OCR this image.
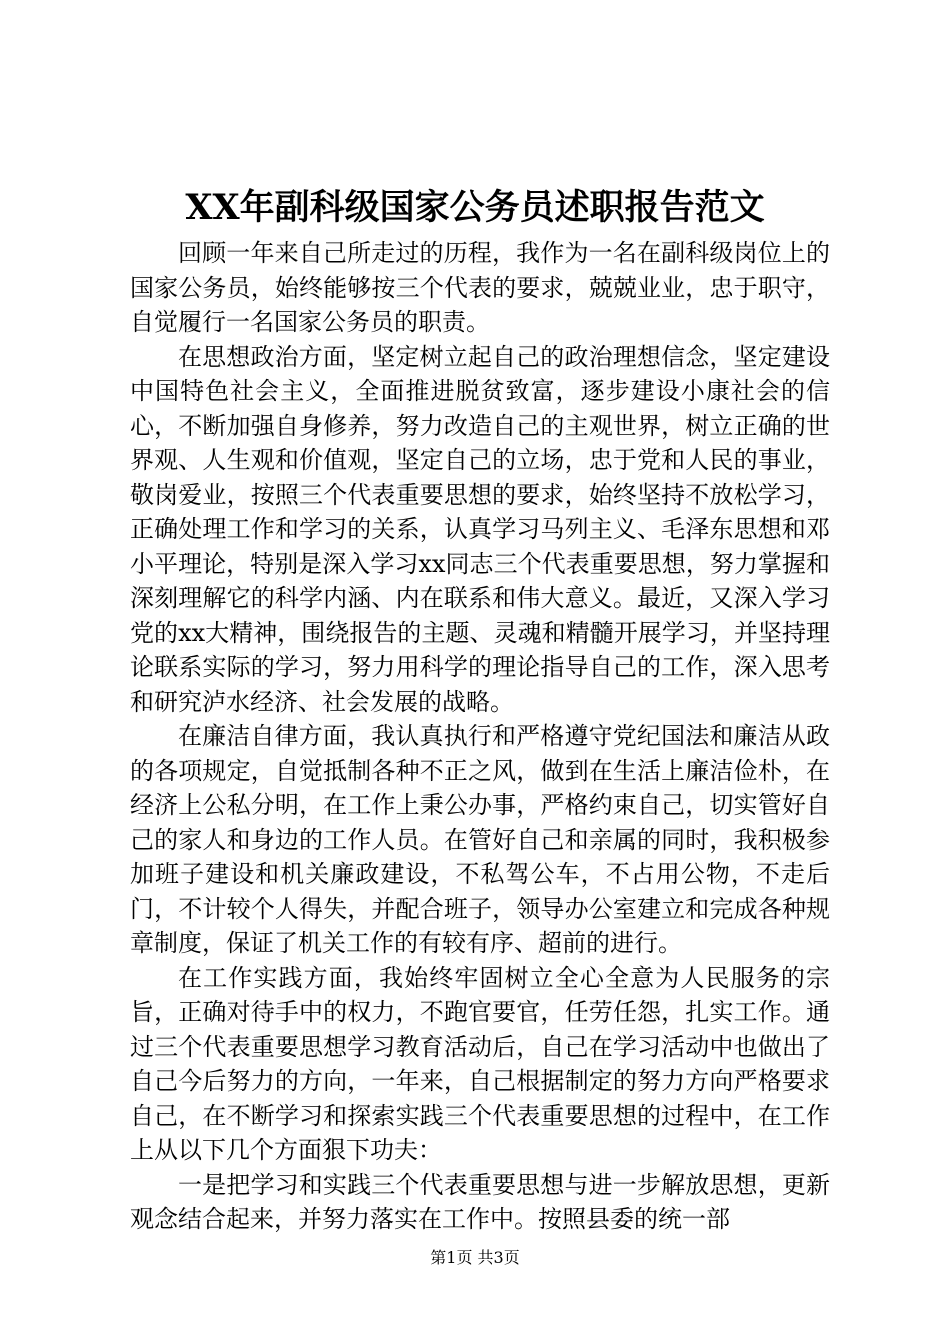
XX年副科级国家公务员述职报告范文

回顾一年来自己所走过的历程，我作为一名在副科级岗位上的国家公务员，始终能够按三个代表的要求，兢兢业业，忠于职守，自觉履行一名国家公务员的职责。

在思想政治方面，坚定树立起自己的政治理想信念，坚定建设中国特色社会主义，全面推进脱贫致富，逐步建设小康社会的信心，不断加强自身修养，努力改造自己的主观世界，树立正确的世界观、人生观和价值观，坚定自己的立场，忠于党和人民的事业，敬岗爱业，按照三个代表重要思想的要求，始终坚持不放松学习，正确处理工作和学习的关系，认真学习马列主义、毛泽东思想和邓小平理论，特别是深入学习xx同志三个代表重要思想，努力掌握和深刻理解它的科学内涵、内在联系和伟大意义。最近，又深入学习党的xx大精神，围绕报告的主题、灵魂和精髓开展学习，并坚持理论联系实际的学习，努力用科学的理论指导自己的工作，深入思考和研究泸水经济、社会发展的战略。

在廉洁自律方面，我认真执行和严格遵守党纪国法和廉洁从政的各项规定，自觉抵制各种不正之风，做到在生活上廉洁俭朴，在经济上公私分明，在工作上秉公办事，严格约束自己，切实管好自己的家人和身边的工作人员。在管好自己和亲属的同时，我积极参加班子建设和机关廉政建设，不私驾公车，不占用公物，不走后门，不计较个人得失，并配合班子，领导办公室建立和完成各种规章制度，保证了机关工作的有较有序、超前的进行。

在工作实践方面，我始终牢固树立全心全意为人民服务的宗旨，正确对待手中的权力，不跑官要官，任劳任怨，扎实工作。通过三个代表重要思想学习教育活动后，自己在学习活动中也做出了自己今后努力的方向，一年来，自己根据制定的努力方向严格要求自己，在不断学习和探索实践三个代表重要思想的过程中，在工作上从以下几个方面狠下功夫：

一是把学习和实践三个代表重要思想与进一步解放思想，更新观念结合起来，并努力落实在工作中。按照县委的统一部

第1页 共3页
